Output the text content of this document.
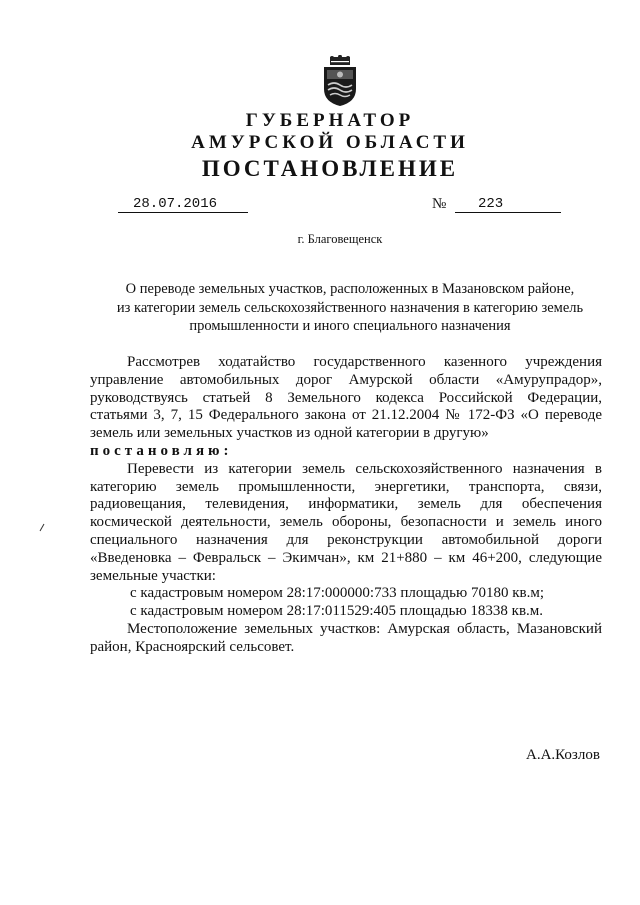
ГУБЕРНАТОР
АМУРСКОЙ ОБЛАСТИ
ПОСТАНОВЛЕНИЕ
28.07.2016	№	223
г. Благовещенск
О переводе земельных участков, расположенных в Мазановском районе,
из категории земель сельскохозяйственного назначения в категорию земель
промышленности и иного специального назначения
Рассмотрев ходатайство государственного казенного учреждения
управление автомобильных дорог Амурской области «Амурупрадор»,
руководствуясь статьей 8 Земельного кодекса Российской Федерации,
статьями 3, 7, 15 Федерального закона от 21.12.2004 № 172-ФЗ «О переводе
земель или земельных участков из одной категории в другую»
постановляю:
Перевести из категории земель сельскохозяйственного назначения в
категорию земель промышленности, энергетики, транспорта, связи,
радиовещания, телевидения, информатики, земель для обеспечения
космической деятельности, земель обороны, безопасности и земель иного
специального назначения для реконструкции автомобильной дороги
«Введеновка – Февральск – Экимчан», км 21+880 – км 46+200, следующие
земельные участки:
с кадастровым номером 28:17:000000:733 площадью 70180 кв.м;
с кадастровым номером 28:17:011529:405 площадью 18338 кв.м.
Местоположение земельных участков: Амурская область, Мазановский
район, Красноярский сельсовет.
А.А.Козлов
